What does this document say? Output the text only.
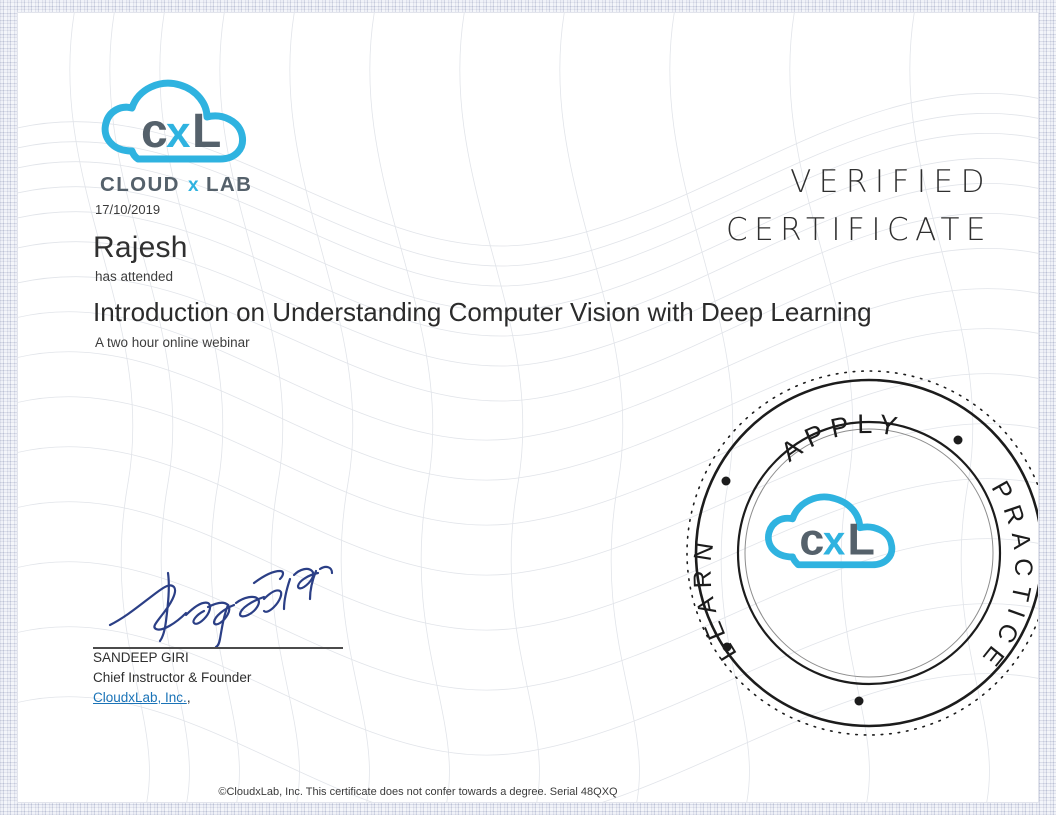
c
x L
CLOUD x LAB	VERIFIED
CERTIFICATE
17/10/2019
Rajesh
has attended
Introduction on Understanding Computer Vision with Deep Learning
A two hour online webinar
SANDEEP GIRI
Chief Instructor & Founder
CloudxLab, Inc.,
APPLY
PRACTICE
LEARN	c
x L
©CloudxLab, Inc. This certificate does not confer towards a degree. Serial 48QXQ
